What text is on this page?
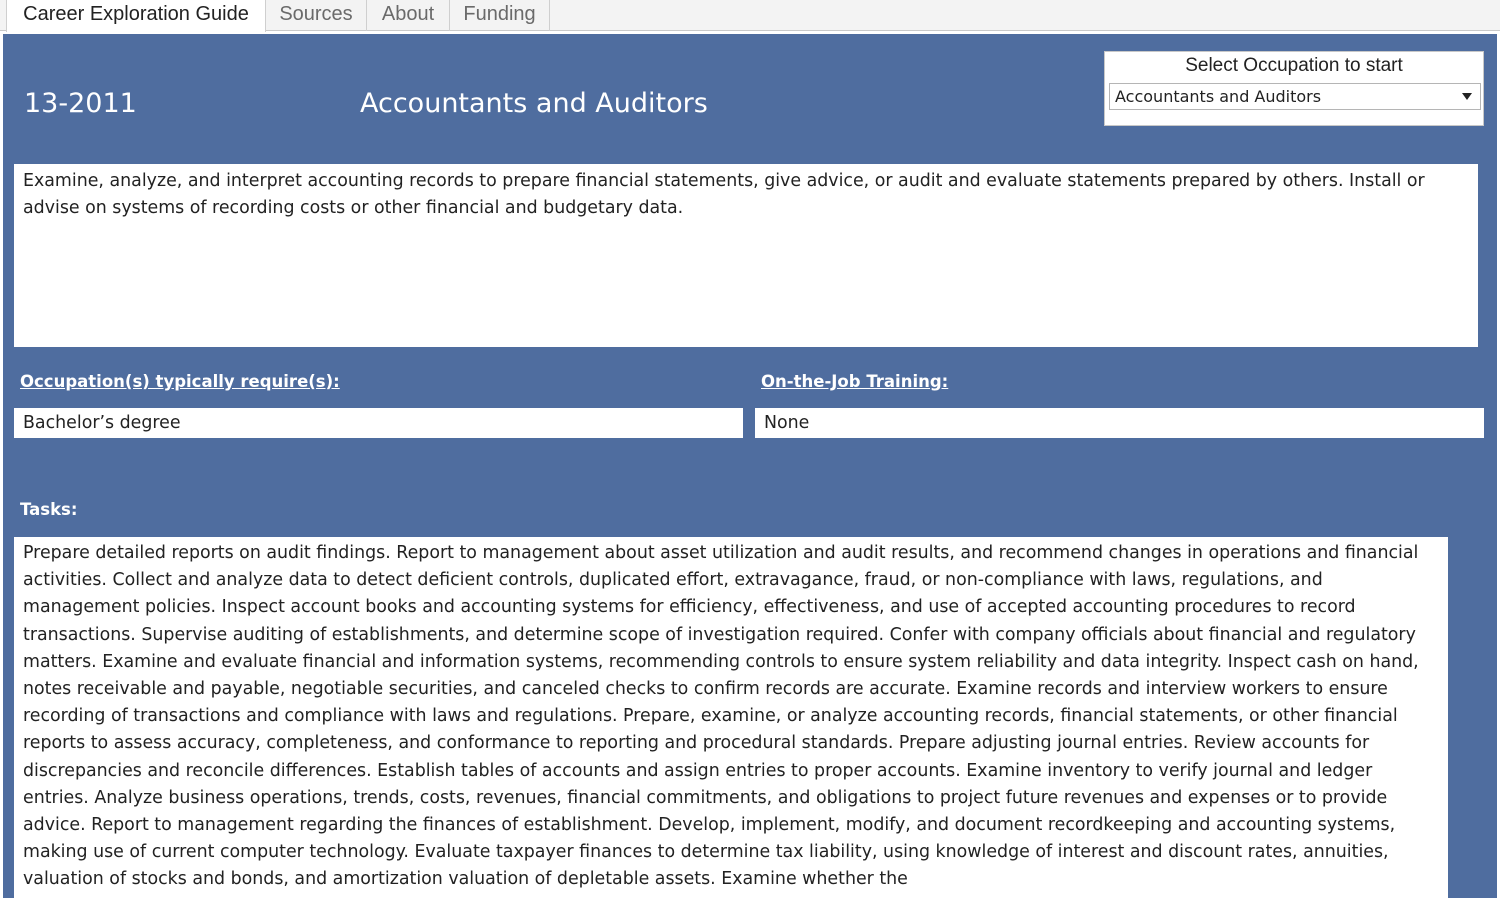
Career Exploration Guide	Sources	About	Funding
13-2011	Accountants and Auditors
Select Occupation to start
Accountants and Auditors
Examine, analyze, and interpret accounting records to prepare financial statements, give advice, or audit and evaluate statements prepared by others. Install or advise on systems of recording costs or other financial and budgetary data.
Occupation(s) typically require(s):	On-the-Job Training:
Bachelor’s degree	None
Tasks:
Prepare detailed reports on audit findings. Report to management about asset utilization and audit results, and recommend changes in operations and financial activities. Collect and analyze data to detect deficient controls, duplicated effort, extravagance, fraud, or non-compliance with laws, regulations, and management policies. Inspect account books and accounting systems for efficiency, effectiveness, and use of accepted accounting procedures to record transactions. Supervise auditing of establishments, and determine scope of investigation required. Confer with company officials about financial and regulatory matters. Examine and evaluate financial and information systems, recommending controls to ensure system reliability and data integrity. Inspect cash on hand, notes receivable and payable, negotiable securities, and canceled checks to confirm records are accurate. Examine records and interview workers to ensure recording of transactions and compliance with laws and regulations. Prepare, examine, or analyze accounting records, financial statements, or other financial reports to assess accuracy, completeness, and conformance to reporting and procedural standards. Prepare adjusting journal entries. Review accounts for discrepancies and reconcile differences. Establish tables of accounts and assign entries to proper accounts. Examine inventory to verify journal and ledger entries. Analyze business operations, trends, costs, revenues, financial commitments, and obligations to project future revenues and expenses or to provide advice. Report to management regarding the finances of establishment. Develop, implement, modify, and document recordkeeping and accounting systems, making use of current computer technology. Evaluate taxpayer finances to determine tax liability, using knowledge of interest and discount rates, annuities, valuation of stocks and bonds, and amortization valuation of depletable assets. Examine whether the
